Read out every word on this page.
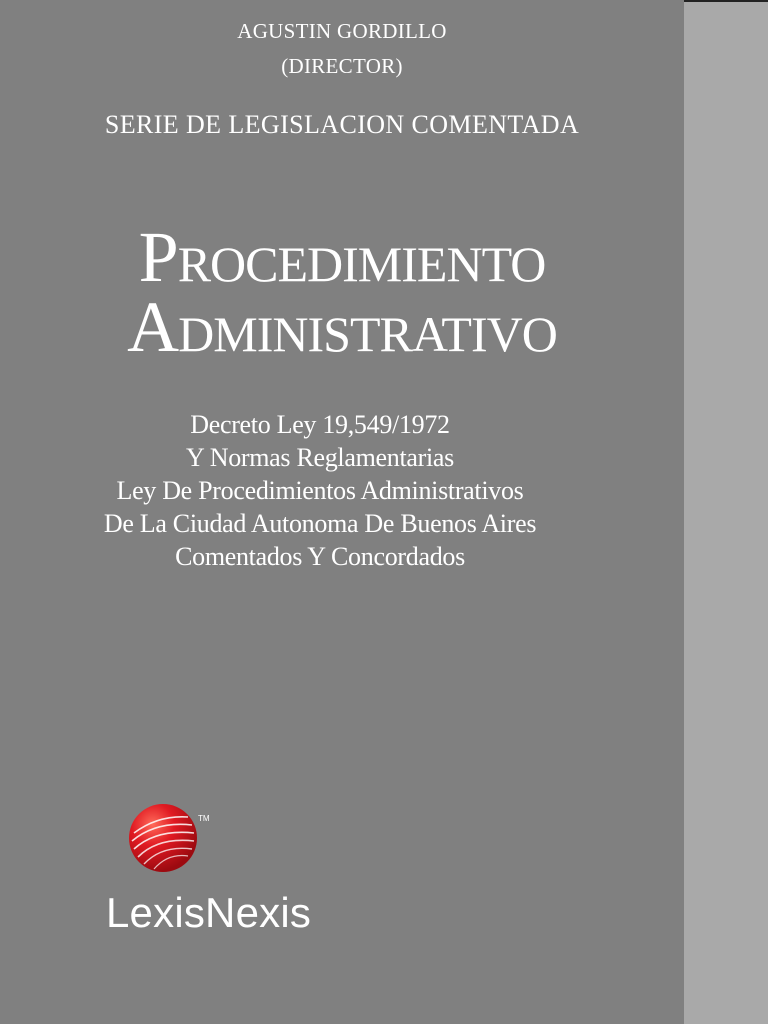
AGUSTIN GORDILLO
(DIRECTOR)
SERIE DE LEGISLACION COMENTADA
Procedimiento
Administrativo
Decreto Ley 19,549/1972
Y Normas Reglamentarias
Ley De Procedimientos Administrativos
De La Ciudad Autonoma De Buenos Aires
Comentados Y Concordados
TM
LexisNexis
